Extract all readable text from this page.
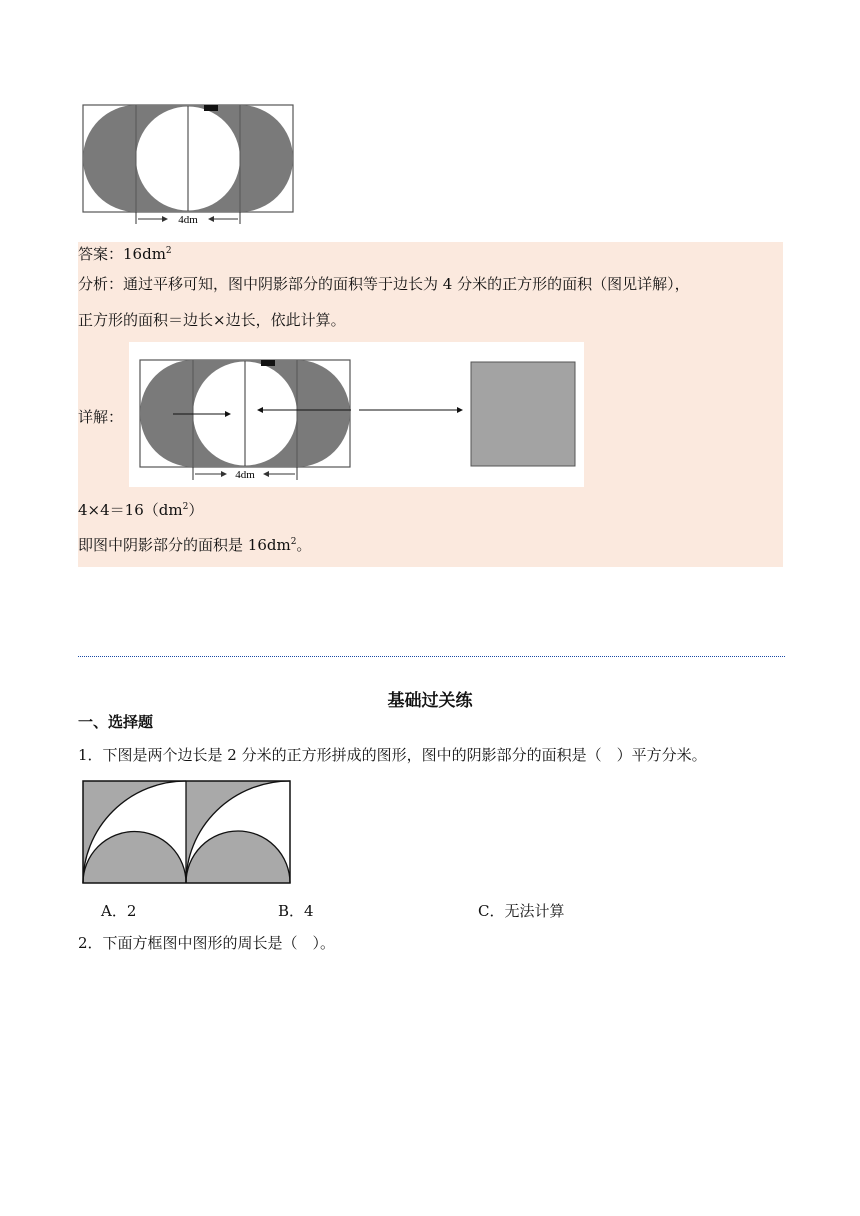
4dm
答案：$16dm^2$
分析：通过平移可知，图中阴影部分的面积等于边长为 4 分米的正方形的面积（图见详解），
正方形的面积＝边长×边长，依此计算。
详解：
4dm
$4\times 4=16(dm^2)$
即图中阴影部分的面积是 $16dm^2$。
基础过关练
一、选择题
1．下图是两个边长是 2 分米的正方形拼成的图形，图中的阴影部分的面积是（　）平方分米。
A．2	B．4	C．无法计算
2．下面方框图中图形的周长是（　）。
